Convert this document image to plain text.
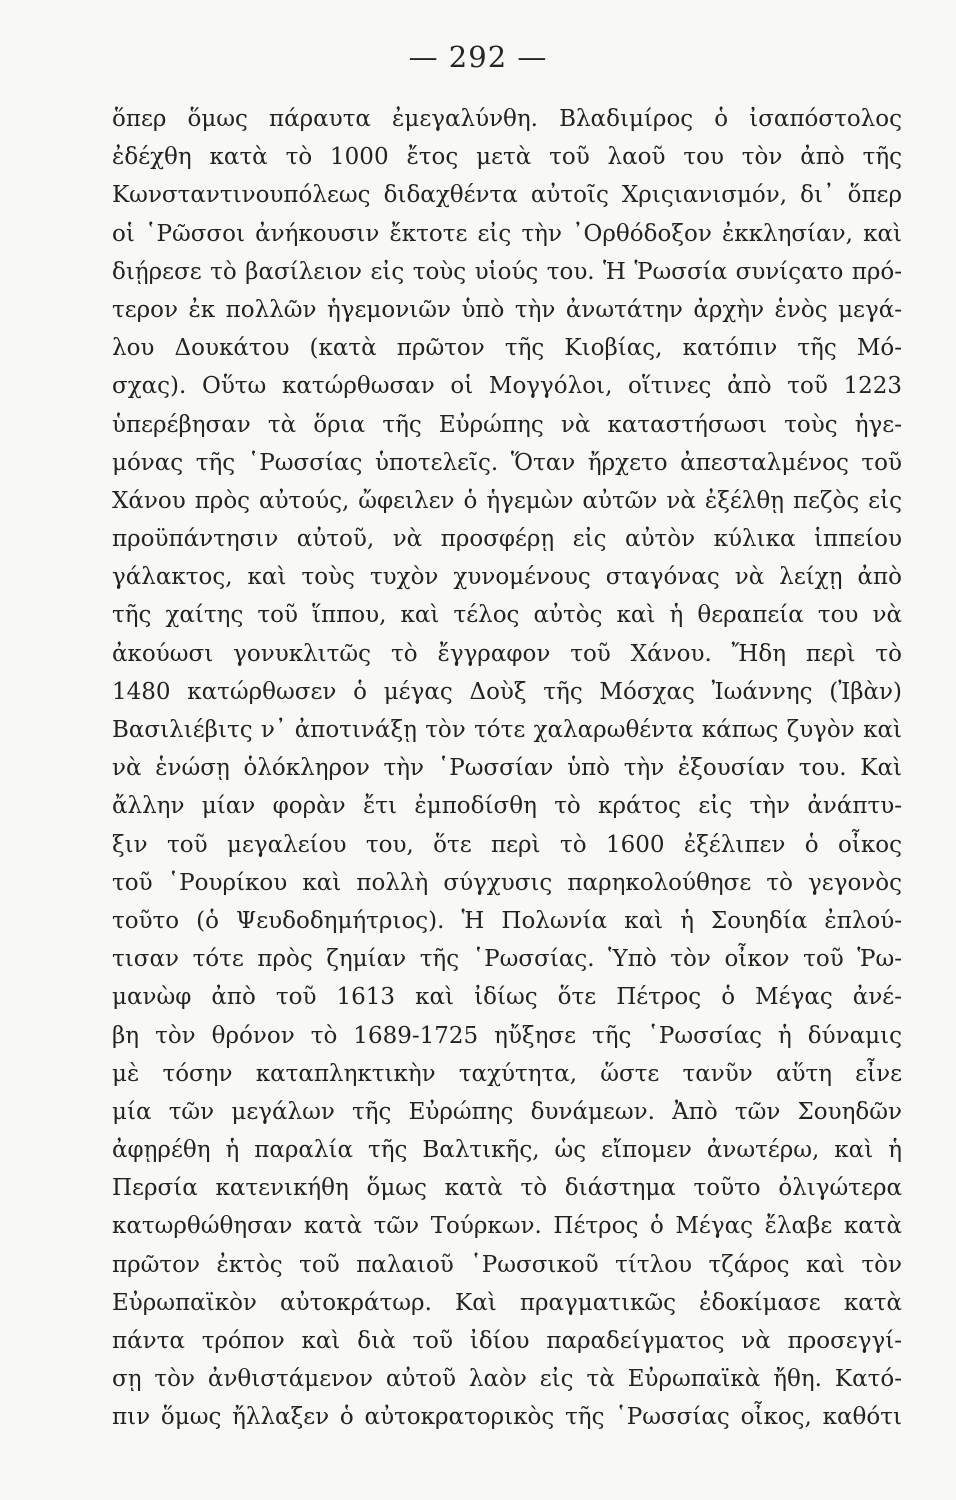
— 292 —
ὅπερ ὅμως πάραυτα ἐμεγαλύνθη. Βλαδιμίρος ὁ ἰσαπόστολος
ἐδέχθη κατὰ τὸ 1000 ἔτος μετὰ τοῦ λαοῦ του τὸν ἀπὸ τῆς
Κωνσταντινουπόλεως διδαχθέντα αὐτοῖς Χριςιανισμόν, δι᾽ ὅπερ
οἱ ῾Ρῶσσοι ἀνήκουσιν ἔκτοτε εἰς τὴν ᾿Ορθόδοξον ἐκκλησίαν, καὶ
διῄρεσε τὸ βασίλειον εἰς τοὺς υἱούς του. Ἡ Ῥωσσία συνίςατο πρό-
τερον ἐκ πολλῶν ἡγεμονιῶν ὑπὸ τὴν ἀνωτάτην ἀρχὴν ἑνὸς μεγά-
λου Δουκάτου (κατὰ πρῶτον τῆς Κιοβίας, κατόπιν τῆς Μό-
σχας). Οὕτω κατώρθωσαν οἱ Μογγόλοι, οἵτινες ἀπὸ τοῦ 1223
ὑπερέβησαν τὰ ὅρια τῆς Εὐρώπης νὰ καταστήσωσι τοὺς ἡγε-
μόνας τῆς ῾Ρωσσίας ὑποτελεῖς. Ὅταν ἤρχετο ἀπεσταλμένος τοῦ
Χάνου πρὸς αὐτούς, ὤφειλεν ὁ ἡγεμὼν αὐτῶν νὰ ἐξέλθῃ πεζὸς εἰς
προϋπάντησιν αὐτοῦ, νὰ προσφέρῃ εἰς αὐτὸν κύλικα ἱππείου
γάλακτος, καὶ τοὺς τυχὸν χυνομένους σταγόνας νὰ λείχῃ ἀπὸ
τῆς χαίτης τοῦ ἵππου, καὶ τέλος αὐτὸς καὶ ἡ θεραπεία του νὰ
ἀκούωσι γονυκλιτῶς τὸ ἔγγραφον τοῦ Χάνου. Ἤδη περὶ τὸ
1480 κατώρθωσεν ὁ μέγας Δοὺξ τῆς Μόσχας Ἰωάννης (Ἰβὰν)
Βασιλιέβιτς ν᾽ ἀποτινάξῃ τὸν τότε χαλαρωθέντα κάπως ζυγὸν καὶ
νὰ ἑνώσῃ ὁλόκληρον τὴν ῾Ρωσσίαν ὑπὸ τὴν ἐξουσίαν του. Καὶ
ἄλλην μίαν φορὰν ἔτι ἐμποδίσθη τὸ κράτος εἰς τὴν ἀνάπτυ-
ξιν τοῦ μεγαλείου του, ὅτε περὶ τὸ 1600 ἐξέλιπεν ὁ οἶκος
τοῦ ῾Ρουρίκου καὶ πολλὴ σύγχυσις παρηκολούθησε τὸ γεγονὸς
τοῦτο (ὁ Ψευδοδημήτριος). Ἡ Πολωνία καὶ ἡ Σουηδία ἐπλού-
τισαν τότε πρὸς ζημίαν τῆς ῾Ρωσσίας. Ὑπὸ τὸν οἶκον τοῦ Ῥω-
μανὼφ ἀπὸ τοῦ 1613 καὶ ἰδίως ὅτε Πέτρος ὁ Μέγας ἀνέ-
βη τὸν θρόνον τὸ 1689-1725 ηὔξησε τῆς ῾Ρωσσίας ἡ δύναμις
μὲ τόσην καταπληκτικὴν ταχύτητα, ὥστε τανῦν αὕτη εἶνε
μία τῶν μεγάλων τῆς Εὐρώπης δυνάμεων. Ἀπὸ τῶν Σουηδῶν
ἀφῃρέθη ἡ παραλία τῆς Βαλτικῆς, ὡς εἴπομεν ἀνωτέρω, καὶ ἡ
Περσία κατενικήθη ὅμως κατὰ τὸ διάστημα τοῦτο ὀλιγώτερα
κατωρθώθησαν κατὰ τῶν Τούρκων. Πέτρος ὁ Μέγας ἔλαβε κατὰ
πρῶτον ἐκτὸς τοῦ παλαιοῦ ῾Ρωσσικοῦ τίτλου τζάρος καὶ τὸν
Εὐρωπαϊκὸν αὐτοκράτωρ. Καὶ πραγματικῶς ἐδοκίμασε κατὰ
πάντα τρόπον καὶ διὰ τοῦ ἰδίου παραδείγματος νὰ προσεγγί-
σῃ τὸν ἀνθιστάμενον αὐτοῦ λαὸν εἰς τὰ Εὐρωπαϊκὰ ἤθη. Κατό-
πιν ὅμως ἤλλαξεν ὁ αὐτοκρατορικὸς τῆς ῾Ρωσσίας οἶκος, καθότι
